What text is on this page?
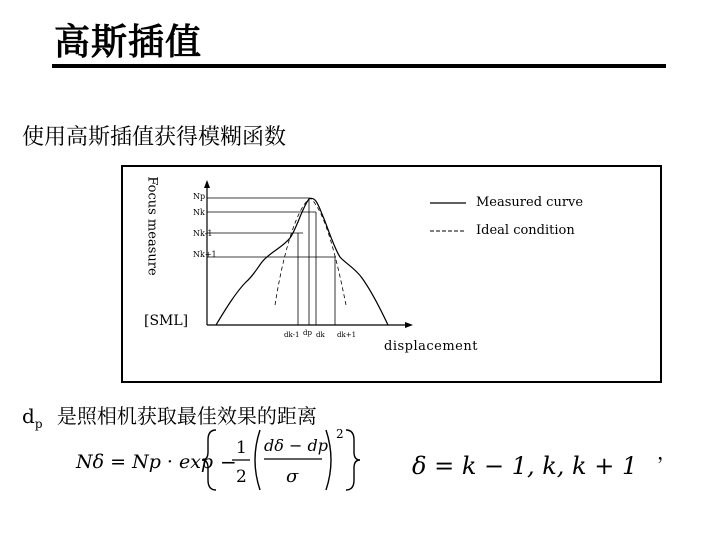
高斯插值
使用高斯插值获得模糊函数
Focus measure
[SML]
displacement
Measured curve
Ideal condition
Np
Nk
Nk-1
Nk+1
dk-1 dp dk dk+1
$d_p$ 是照相机获取最佳效果的距离
Nδ = Np · exp −
1
2
dδ − dp
σ
2
δ = k − 1, k, k + 1 ，
